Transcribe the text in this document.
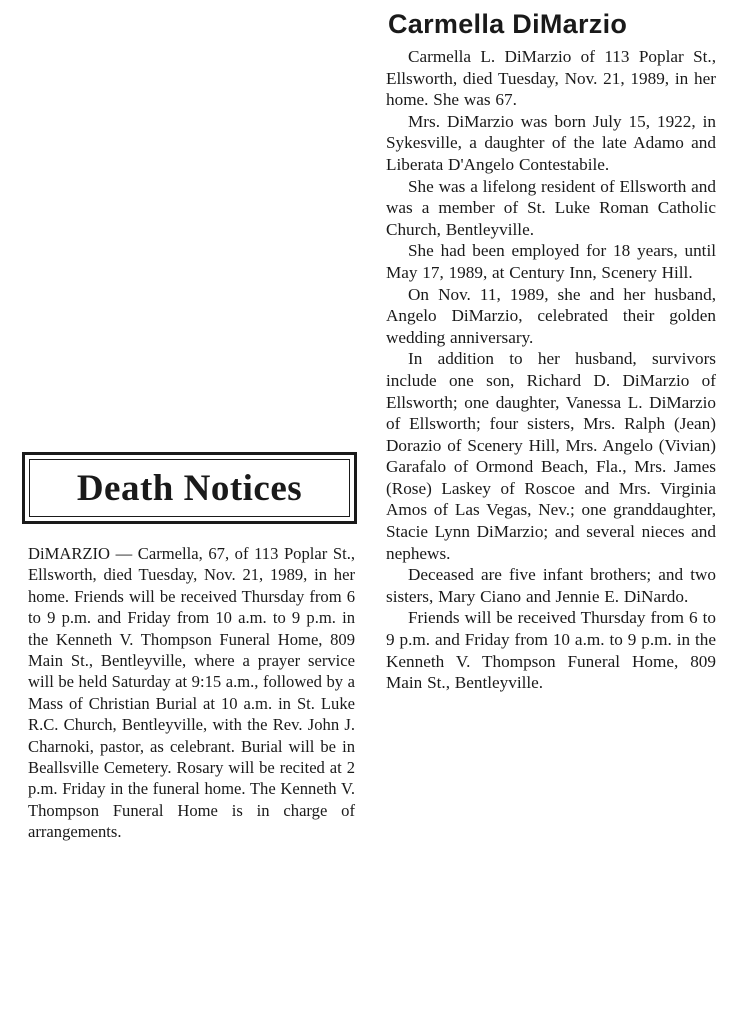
Carmella DiMarzio

Carmella L. DiMarzio of 113 Poplar St., Ellsworth, died Tuesday, Nov. 21, 1989, in her home. She was 67.

Mrs. DiMarzio was born July 15, 1922, in Sykesville, a daughter of the late Adamo and Liberata D'Angelo Contestabile.

She was a lifelong resident of Ellsworth and was a member of St. Luke Roman Catholic Church, Bentleyville.

She had been employed for 18 years, until May 17, 1989, at Century Inn, Scenery Hill.

On Nov. 11, 1989, she and her husband, Angelo DiMarzio, celebrated their golden wedding anniversary.

In addition to her husband, survivors include one son, Richard D. DiMarzio of Ellsworth; one daughter, Vanessa L. DiMarzio of Ellsworth; four sisters, Mrs. Ralph (Jean) Dorazio of Scenery Hill, Mrs. Angelo (Vivian) Garafalo of Ormond Beach, Fla., Mrs. James (Rose) Laskey of Roscoe and Mrs. Virginia Amos of Las Vegas, Nev.; one granddaughter, Stacie Lynn DiMarzio; and several nieces and nephews.

Deceased are five infant brothers; and two sisters, Mary Ciano and Jennie E. DiNardo.

Friends will be received Thursday from 6 to 9 p.m. and Friday from 10 a.m. to 9 p.m. in the Kenneth V. Thompson Funeral Home, 809 Main St., Bentleyville.

Death Notices

DiMARZIO — Carmella, 67, of 113 Poplar St., Ellsworth, died Tuesday, Nov. 21, 1989, in her home. Friends will be received Thursday from 6 to 9 p.m. and Friday from 10 a.m. to 9 p.m. in the Kenneth V. Thompson Funeral Home, 809 Main St., Bentleyville, where a prayer service will be held Saturday at 9:15 a.m., followed by a Mass of Christian Burial at 10 a.m. in St. Luke R.C. Church, Bentleyville, with the Rev. John J. Charnoki, pastor, as celebrant. Burial will be in Beallsville Cemetery. Rosary will be recited at 2 p.m. Friday in the funeral home. The Kenneth V. Thompson Funeral Home is in charge of arrangements.
